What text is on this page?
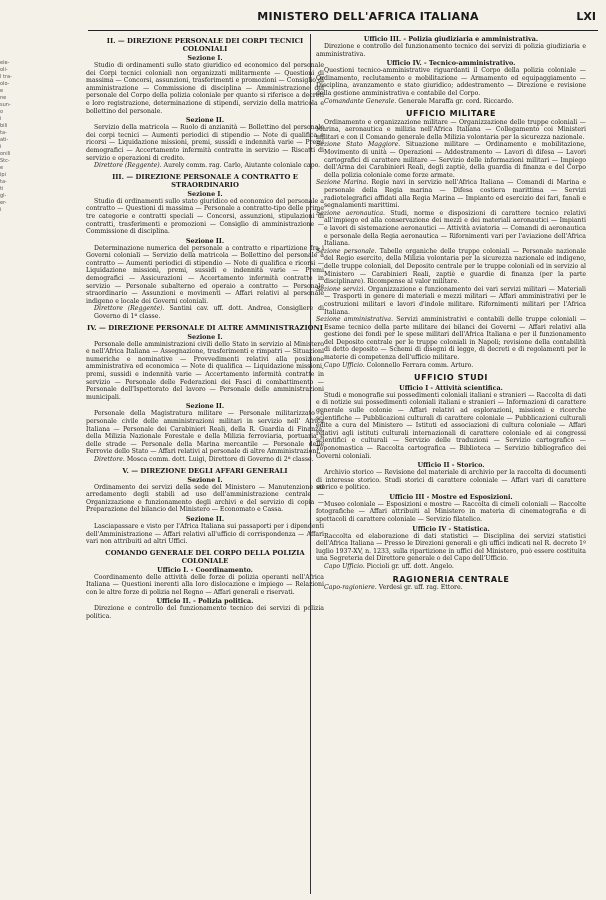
ele-
oli-
l tra-
olo-
e
ne
sun-
o
i
bili
ta-
ati-
i
onili
Stc-
e
ipi
ta-
ti
gl-
er-
i
MINISTERO DELL'AFRICA ITALIANA	LXI
II. — DIREZIONE PERSONALE DEI CORPI TECNICI COLONIALI
Sezione I.

Studio di ordinamenti sullo stato giuridico ed economico del personale dei Corpi tecnici coloniali non organizzati militarmente — Questioni di massima — Concorsi, assunzioni, trasferimenti e promozioni — Consiglio di amministrazione — Commissione di disciplina — Amministrazione del personale del Corpo della polizia coloniale per quanto si riferisce a decreti e loro registrazione, determinazione di stipendi, servizio della matricola e bollettino del personale.

Sezione II.

Servizio della matricola — Ruolo di anzianità — Bollettino del personale dei corpi tecnici — Aumenti periodici di stipendio — Note di qualifica e ricorsi — Liquidazione missioni, premi, sussidi e indennità varie — Premi demografici — Accertamento infermità contratte in servizio — Riscatti di servizio e operazioni di credito.

Direttore (Reggente). Aurely comm. rag. Carlo, Aiutante coloniale capo.

III. — DIREZIONE PERSONALE A CONTRATTO E STRAORDINARIO
Sezione I.

Studio di ordinamenti sullo stato giuridico ed economico del personale a contratto — Questioni di massima — Personale a contratto-tipo delle prime tre categorie e contratti speciali — Concorsi, assunzioni, stipulazioni di contratti, trasferimenti e promozioni — Consiglio di amministrazione — Commissione di disciplina.

Sezione II.

Determinazione numerica del personale a contratto e ripartizione fra i Governi coloniali — Servizio della matricola — Bollettino del personale a contratto — Aumenti periodici di stipendio — Note di qualifica e ricorsi — Liquidazione missioni, premi, sussidi e indennità varie — Premi demografici — Assicurazioni — Accertamento infermità contratte in servizio — Personale subalterno ed operaio a contratto — Personale straordinario — Assunzioni e movimenti — Affari relativi al personale indigeno e locale dei Governi coloniali.

Direttore (Reggente). Santini cav. uff. dott. Andrea, Consigliere di Governo di 1ª classe.

IV. — DIREZIONE PERSONALE DI ALTRE AMMINISTRAZIONI
Sezione I.

Personale delle amministrazioni civili dello Stato in servizio al Ministero e nell'Africa Italiana — Assegnazione, trasferimenti e rimpatri — Situazioni numeriche e nominative — Provvedimenti relativi alla posizione amministrativa ed economica — Note di qualifica — Liquidazione missioni, premi, sussidi e indennità varie — Accertamento infermità contratte in servizio — Personale delle Federazioni dei Fasci di combattimento — Personale dell'Ispettorato del lavoro — Personale delle amministrazioni municipali.

Sezione II.

Personale della Magistratura militare — Personale militarizzato e personale civile delle amministrazioni militari in servizio nell' Africa Italiana — Personale dei Carabinieri Reali, della R. Guardia di Finanza, della Milizia Nazionale Forestale e della Milizia ferroviaria, portuaria e delle strade — Personale della Marina mercantile — Personale delle Ferrovie dello Stato — Affari relativi al personale di altre Amministrazioni.

Direttore. Mosca comm. dott. Luigi, Direttore di Governo di 2ª classe.

V. — DIREZIONE DEGLI AFFARI GENERALI
Sezione I.

Ordinamento dei servizi della sede del Ministero — Manutenzione ed arredamento degli stabili ad uso dell'amministrazione centrale — Organizzazione e funzionamento degli archivi e del servizio di copia — Preparazione del bilancio del Ministero — Economato e Cassa.

Sezione II.

Lasciapassare e visto per l'Africa Italiana sui passaporti per i dipendenti dell'Amministrazione — Affari relativi all'ufficio di corrispondenza — Affari vari non attribuiti ad altri Uffici.

COMANDO GENERALE DEL CORPO DELLA POLIZIA COLONIALE
Ufficio I. - Coordinamento.

Coordinamento delle attività delle forze di polizia operanti nell'Africa Italiana — Questioni inerenti alla loro dislocazione e impiego — Relazioni con le altre forze di polizia nel Regno — Affari generali e riservati.

Ufficio II. - Polizia politica.

Direzione e controllo del funzionamento tecnico dei servizi di polizia politica.

Ufficio III. - Polizia giudiziaria e amministrativa.

Direzione e controllo del funzionamento tecnico dei servizi di polizia giudiziaria e amministrativa.

Ufficio IV. - Tecnico-amministrativo.

Questioni tecnico-amministrative riguardanti il Corpo della polizia coloniale — Ordinamento, reclutamento e mobilitazione — Armamento ed equipaggiamento — Disciplina, avanzamento e stato giuridico; addestramento — Direzione e revisione della gestione amministrativa e contabile del Corpo.

Comandante Generale. Generale Maraffa gr. cord. Riccardo.

UFFICIO MILITARE

Ordinamento e organizzazione militare — Organizzazione delle truppe coloniali — Marina, aeronautica e milizia nell'Africa Italiana — Collegamento coi Ministeri militari e con il Comando generale della Milizia volontaria per la sicurezza nazionale.

Sezione Stato Maggiore. Situazione militare — Ordinamento e mobilitazione, Movimento di unità — Operazioni — Addestramento — Lavori di difesa — Lavori cartografici di carattere militare — Servizio delle informazioni militari — Impiego dell'Arma dei Carabinieri Reali, degli zaptiè, della guardia di finanza e del Corpo della polizia coloniale come forze armate.

Sezione Marina. Regie navi in servizio nell'Africa Italiana — Comandi di Marina e personale della Regia marina — Difesa costiera marittima — Servizi radiotelegrafici affidati alla Regia Marina — Impianto ed esercizio dei fari, fanali e segnalamenti marittimi.

Sezione aeronautica. Studi, norme e disposizioni di carattere tecnico relativi all'impiego ed alla conservazione dei mezzi e dei materiali aeronautici — Impianti e lavori di sistemazione aeronautici — Attività aviatoria — Comandi di aeronautica e personale della Regia aeronautica — Rifornimenti vari per l'aviazione dell'Africa Italiana.

Sezione personale. Tabelle organiche delle truppe coloniali — Personale nazionale del Regio esercito, della Milizia volontaria per la sicurezza nazionale ed indigeno, delle truppe coloniali, del Deposito centrale per le truppe coloniali ed in servizio al Ministero — Carabinieri Reali, zaptiè e guardie di finanza (per la parte disciplinare). Ricompense al valor militare.

Sezione servizi. Organizzazione e funzionamento dei vari servizi militari — Materiali — Trasporti in genere di materiali e mezzi militari — Affari amministrativi per le costruzioni militari e lavori d'indole militare. Rifornimenti militari per l'Africa Italiana.

Sezione amministrativa. Servizi amministrativi e contabili delle truppe coloniali — Esame tecnico della parte militare dei bilanci dei Governi — Affari relativi alla gestione dei fondi per le spese militari dell'Africa Italiana e per il funzionamento del Deposito centrale per le truppe coloniali in Napoli; revisione della contabilità di detto deposito — Schemi di disegni di legge, di decreti e di regolamenti per le materie di competenza dell'ufficio militare.

Capo Ufficio. Colonnello Ferrara comm. Arturo.

UFFICIO STUDI
Ufficio I - Attività scientifica.

Studi e monografie sui possedimenti coloniali italiani e stranieri — Raccolta di dati e di notizie sui possedimenti coloniali italiani e stranieri — Informazioni di carattere generale sulle colonie — Affari relativi ad esplorazioni, missioni e ricerche scientifiche — Pubblicazioni culturali di carattere coloniale — Pubblicazioni culturali edite a cura del Ministero — Istituti ed associazioni di cultura coloniale — Affari relativi agli istituti culturali internazionali di carattere coloniale ed ai congressi scientifici e culturali — Servizio delle traduzioni — Servizio cartografico — Toponomastica — Raccolta cartografica — Biblioteca — Servizio bibliografico dei Governi coloniali.

Ufficio II - Storico.

Archivio storico — Revisione del materiale di archivio per la raccolta di documenti di interesse storico. Studi storici di carattere coloniale — Affari vari di carattere storico e politico.

Ufficio III - Mostre ed Esposizioni.

Museo coloniale — Esposizioni e mostre — Raccolta di cimeli coloniali — Raccolte fotografiche — Affari attribuiti al Ministero in materia di cinematografia e di spettacoli di carattere coloniale — Servizio filatelico.

Ufficio IV - Statistica.

Raccolta ed elaborazione di dati statistici — Disciplina dei servizi statistici dell'Africa Italiana — Presso le Direzioni generali e gli uffici indicati nel R. decreto 1º luglio 1937-XV, n. 1233, sulla ripartizione in uffici del Ministero, può essere costituita una Segreteria del Direttore generale o del Capo dell'Ufficio.

Capo Ufficio. Piccioli gr. uff. dott. Angelo.

RAGIONERIA CENTRALE

Capo-ragioniere. Verdesi gr. uff. rag. Ettore.
